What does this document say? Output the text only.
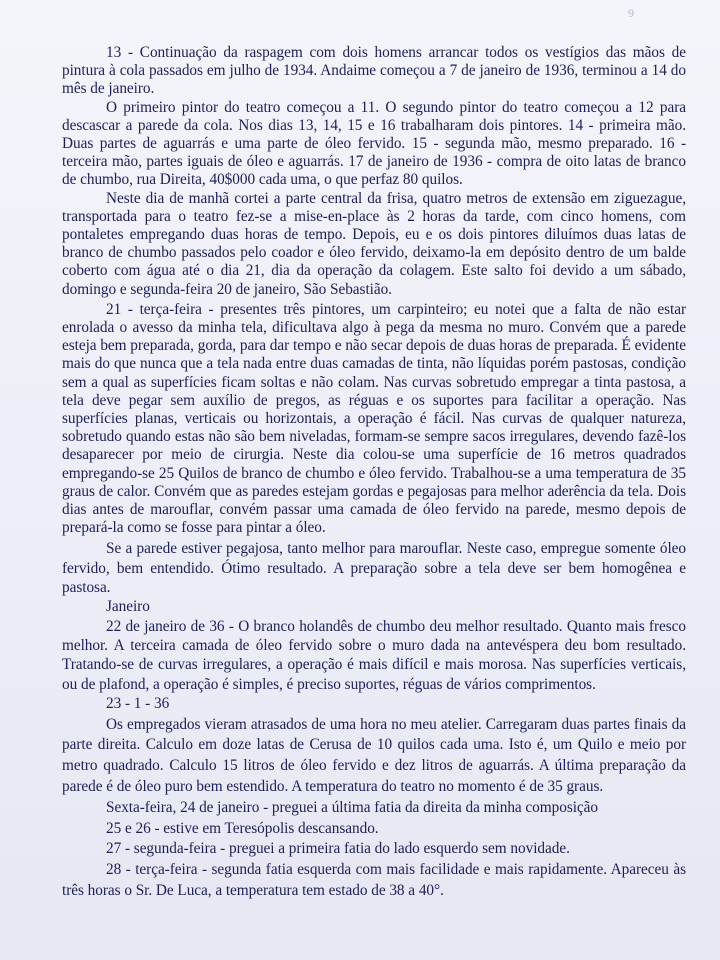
9

13 - Continuação da raspagem com dois homens arrancar todos os vestígios das mãos de pintura à cola passados em julho de 1934. Andaime começou a 7 de janeiro de 1936, terminou a 14 do mês de janeiro.

O primeiro pintor do teatro começou a 11. O segundo pintor do teatro começou a 12 para descascar a parede da cola. Nos dias 13, 14, 15 e 16 trabalharam dois pintores. 14 - primeira mão. Duas partes de aguarrás e uma parte de óleo fervido. 15 - segunda mão, mesmo preparado. 16 - terceira mão, partes iguais de óleo e aguarrás. 17 de janeiro de 1936 - compra de oito latas de branco de chumbo, rua Direita, 40$000 cada uma, o que perfaz 80 quilos.

Neste dia de manhã cortei a parte central da frisa, quatro metros de extensão em ziguezague, transportada para o teatro fez-se a mise-en-place às 2 horas da tarde, com cinco homens, com pontaletes empregando duas horas de tempo. Depois, eu e os dois pintores diluímos duas latas de branco de chumbo passados pelo coador e óleo fervido, deixamo-la em depósito dentro de um balde coberto com água até o dia 21, dia da operação da colagem. Este salto foi devido a um sábado, domingo e segunda-feira 20 de janeiro, São Sebastião.

21 - terça-feira - presentes três pintores, um carpinteiro; eu notei que a falta de não estar enrolada o avesso da minha tela, dificultava algo à pega da mesma no muro. Convém que a parede esteja bem preparada, gorda, para dar tempo e não secar depois de duas horas de preparada. É evidente mais do que nunca que a tela nada entre duas camadas de tinta, não líquidas porém pastosas, condição sem a qual as superfícies ficam soltas e não colam. Nas curvas sobretudo empregar a tinta pastosa, a tela deve pegar sem auxílio de pregos, as réguas e os suportes para facilitar a operação. Nas superfícies planas, verticais ou horizontais, a operação é fácil. Nas curvas de qualquer natureza, sobretudo quando estas não são bem niveladas, formam-se sempre sacos irregulares, devendo fazê-los desaparecer por meio de cirurgia. Neste dia colou-se uma superfície de 16 metros quadrados empregando-se 25 Quilos de branco de chumbo e óleo fervido. Trabalhou-se a uma temperatura de 35 graus de calor. Convém que as paredes estejam gordas e pegajosas para melhor aderência da tela. Dois dias antes de marouflar, convém passar uma camada de óleo fervido na parede, mesmo depois de prepará-la como se fosse para pintar a óleo.

Se a parede estiver pegajosa, tanto melhor para marouflar. Neste caso, empregue somente óleo fervido, bem entendido. Ótimo resultado. A preparação sobre a tela deve ser bem homogênea e pastosa.

Janeiro

22 de janeiro de 36 - O branco holandês de chumbo deu melhor resultado. Quanto mais fresco melhor. A terceira camada de óleo fervido sobre o muro dada na antevéspera deu bom resultado. Tratando-se de curvas irregulares, a operação é mais difícil e mais morosa. Nas superfícies verticais, ou de plafond, a operação é simples, é preciso suportes, réguas de vários comprimentos.

23 - 1 - 36

Os empregados vieram atrasados de uma hora no meu atelier. Carregaram duas partes finais da parte direita. Calculo em doze latas de Cerusa de 10 quilos cada uma. Isto é, um Quilo e meio por metro quadrado. Calculo 15 litros de óleo fervido e dez litros de aguarrás. A última preparação da parede é de óleo puro bem estendido. A temperatura do teatro no momento é de 35 graus.

Sexta-feira, 24 de janeiro - preguei a última fatia da direita da minha composição

25 e 26 - estive em Teresópolis descansando.

27 - segunda-feira - preguei a primeira fatia do lado esquerdo sem novidade.

28 - terça-feira - segunda fatia esquerda com mais facilidade e mais rapidamente. Apareceu às três horas o Sr. De Luca, a temperatura tem estado de 38 a 40°.
